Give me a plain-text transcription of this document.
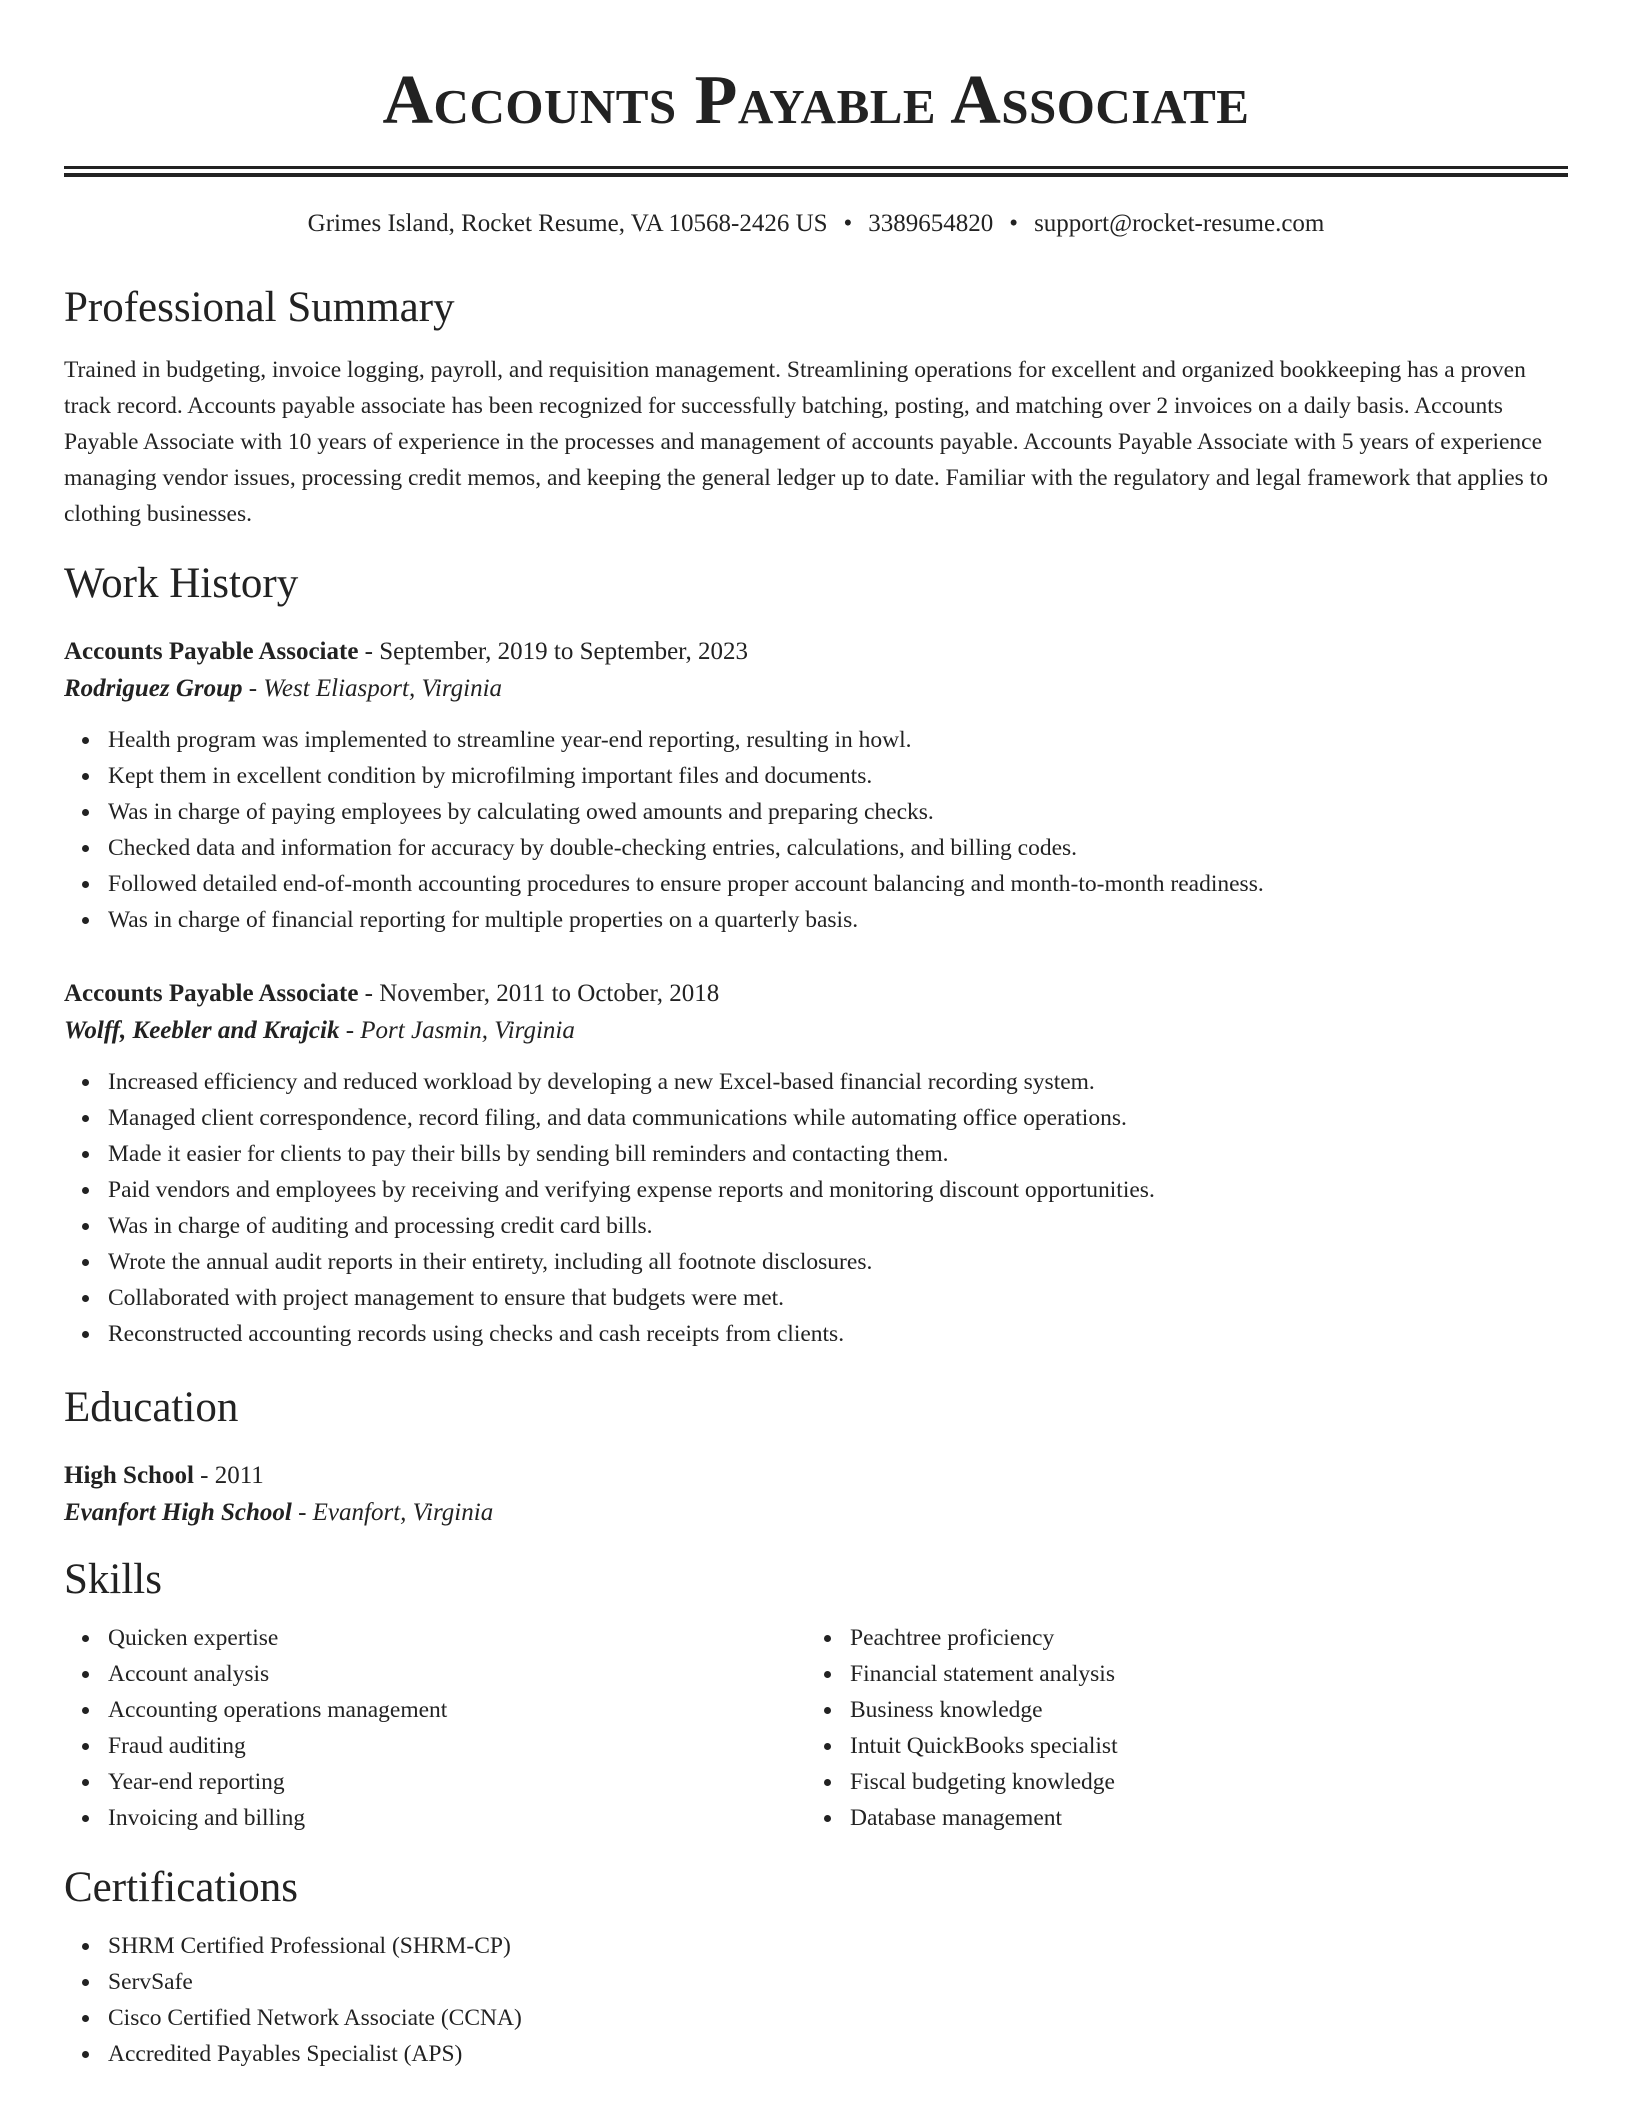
Accounts Payable Associate
Grimes Island, Rocket Resume, VA 10568-2426 US • 3389654820 • support@rocket-resume.com
Professional Summary

Trained in budgeting, invoice logging, payroll, and requisition management. Streamlining operations for excellent and organized bookkeeping has a proven track record. Accounts payable associate has been recognized for successfully batching, posting, and matching over 2 invoices on a daily basis. Accounts Payable Associate with 10 years of experience in the processes and management of accounts payable. Accounts Payable Associate with 5 years of experience managing vendor issues, processing credit memos, and keeping the general ledger up to date. Familiar with the regulatory and legal framework that applies to clothing businesses.

Work History
Accounts Payable Associate - September, 2019 to September, 2023
Rodriguez Group - West Eliasport, Virginia
Health program was implemented to streamline year-end reporting, resulting in howl.
Kept them in excellent condition by microfilming important files and documents.
Was in charge of paying employees by calculating owed amounts and preparing checks.
Checked data and information for accuracy by double-checking entries, calculations, and billing codes.
Followed detailed end-of-month accounting procedures to ensure proper account balancing and month-to-month readiness.
Was in charge of financial reporting for multiple properties on a quarterly basis.
Accounts Payable Associate - November, 2011 to October, 2018
Wolff, Keebler and Krajcik - Port Jasmin, Virginia
Increased efficiency and reduced workload by developing a new Excel-based financial recording system.
Managed client correspondence, record filing, and data communications while automating office operations.
Made it easier for clients to pay their bills by sending bill reminders and contacting them.
Paid vendors and employees by receiving and verifying expense reports and monitoring discount opportunities.
Was in charge of auditing and processing credit card bills.
Wrote the annual audit reports in their entirety, including all footnote disclosures.
Collaborated with project management to ensure that budgets were met.
Reconstructed accounting records using checks and cash receipts from clients.
Education
High School - 2011
Evanfort High School - Evanfort, Virginia
Skills
Quicken expertise
Account analysis
Accounting operations management
Fraud auditing
Year-end reporting
Invoicing and billing
Peachtree proficiency
Financial statement analysis
Business knowledge
Intuit QuickBooks specialist
Fiscal budgeting knowledge
Database management
Certifications
SHRM Certified Professional (SHRM-CP)
ServSafe
Cisco Certified Network Associate (CCNA)
Accredited Payables Specialist (APS)
